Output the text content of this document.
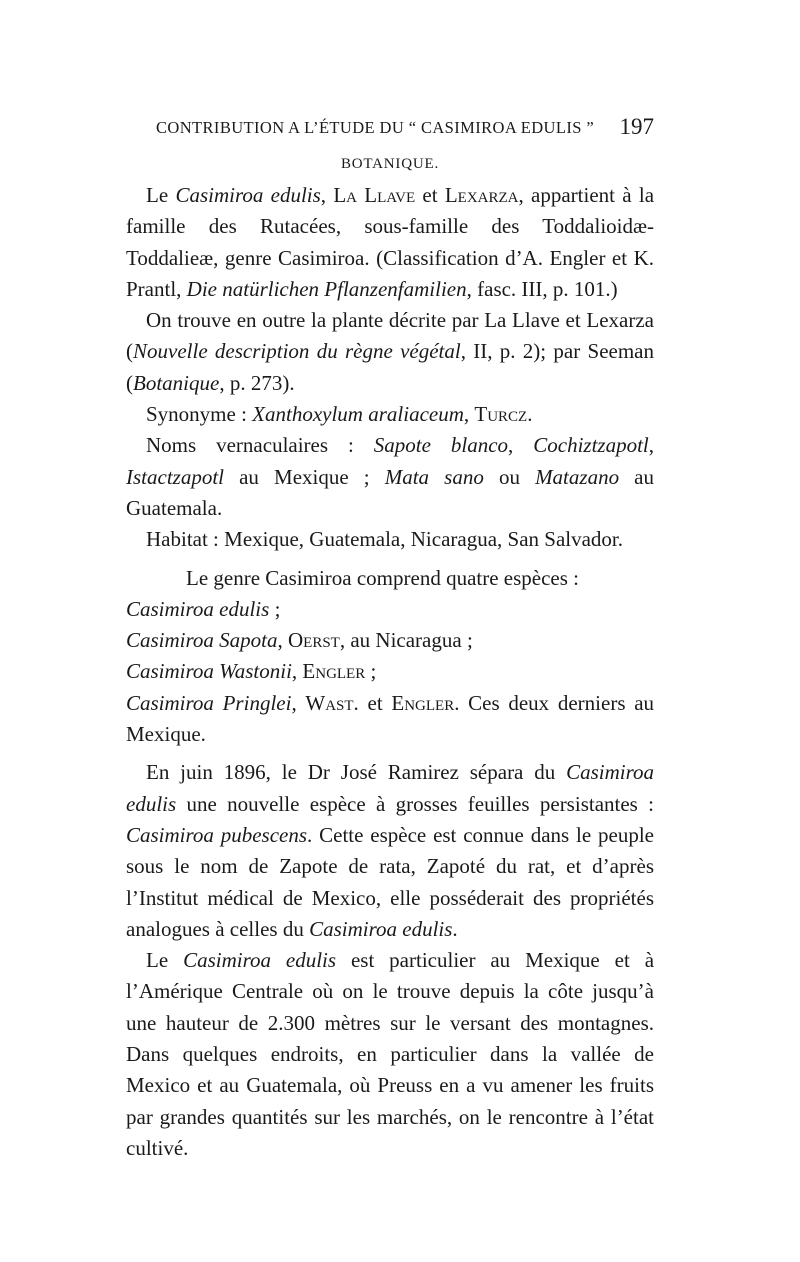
CONTRIBUTION A L’ÉTUDE DU “ CASIMIROA EDULIS ” 197
BOTANIQUE.

Le Casimiroa edulis, La Llave et Lexarza, appartient à la famille des Rutacées, sous-famille des Toddalioidæ-Toddalieæ, genre Casimiroa. (Classification d’A. Engler et K. Prantl, Die natürlichen Pflanzenfamilien, fasc. III, p. 101.)

On trouve en outre la plante décrite par La Llave et Lexarza (Nouvelle description du règne végétal, II, p. 2); par Seeman (Botanique, p. 273).

Synonyme : Xanthoxylum araliaceum, Turcz.

Noms vernaculaires : Sapote blanco, Cochiztzapotl, Istactzapotl au Mexique ; Mata sano ou Matazano au Guatemala.

Habitat : Mexique, Guatemala, Nicaragua, San Salvador.

Le genre Casimiroa comprend quatre espèces :

Casimiroa edulis ;

Casimiroa Sapota, Oerst, au Nicaragua ;

Casimiroa Wastonii, Engler ;

Casimiroa Pringlei, Wast. et Engler. Ces deux derniers au Mexique.

En juin 1896, le Dr José Ramirez sépara du Casimiroa edulis une nouvelle espèce à grosses feuilles persistantes : Casimiroa pubescens. Cette espèce est connue dans le peuple sous le nom de Zapote de rata, Zapoté du rat, et d’après l’Institut médical de Mexico, elle posséderait des propriétés analogues à celles du Casimiroa edulis.

Le Casimiroa edulis est particulier au Mexique et à l’Amérique Centrale où on le trouve depuis la côte jusqu’à une hauteur de 2.300 mètres sur le versant des montagnes. Dans quelques endroits, en particulier dans la vallée de Mexico et au Guatemala, où Preuss en a vu amener les fruits par grandes quantités sur les marchés, on le rencontre à l’état cultivé.
